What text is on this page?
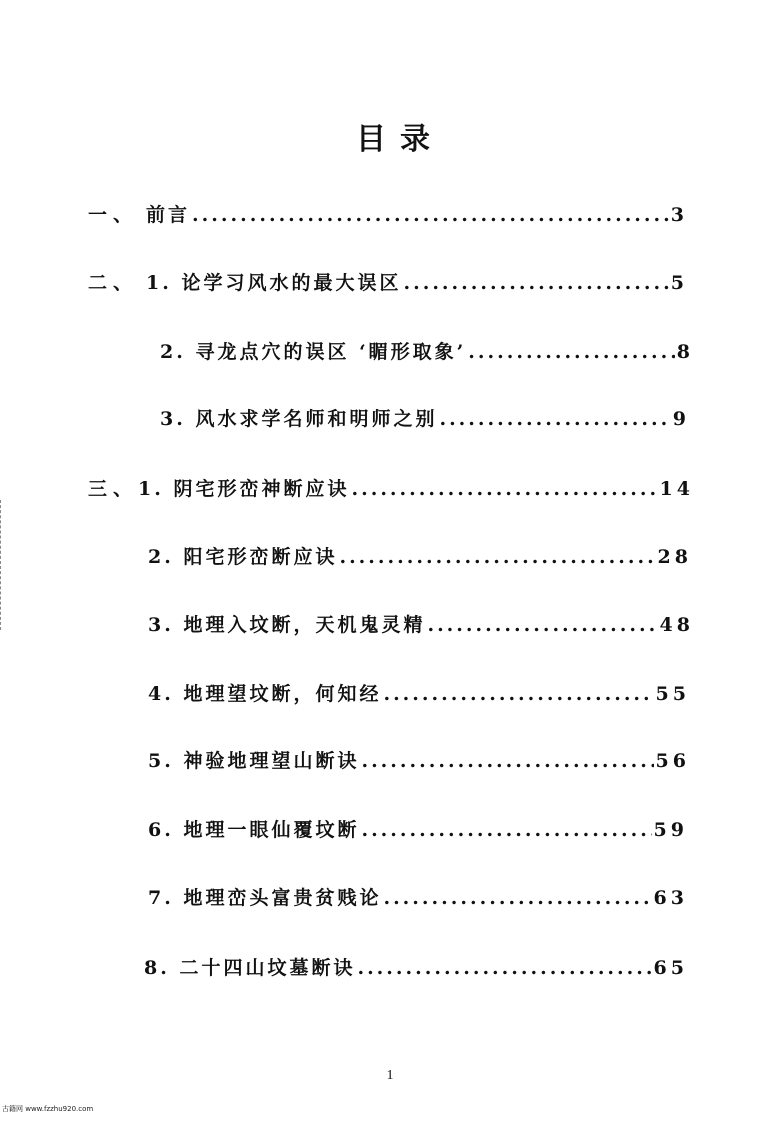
目录
一、 前言 .....	3
二、 1. 论学习风水的最大误区 .....	5
2. 寻龙点穴的误区 ‘睸形取象’ .....	8
3. 风水求学名师和明师之别 .....	9
三、 1. 阴宅形峦神断应诀 .....	14
2. 阳宅形峦断应诀 .....	28
3. 地理入坟断，天机鬼灵精 .....	48
4. 地理望坟断，何知经 .....	55
5. 神验地理望山断诀 .....	56
6. 地理一眼仙覆坟断 .....	59
7. 地理峦头富贵贫贱论 .....	63
8. 二十四山坟墓断诀 .....	65
1
古籍网 www.fzzhu920.com
